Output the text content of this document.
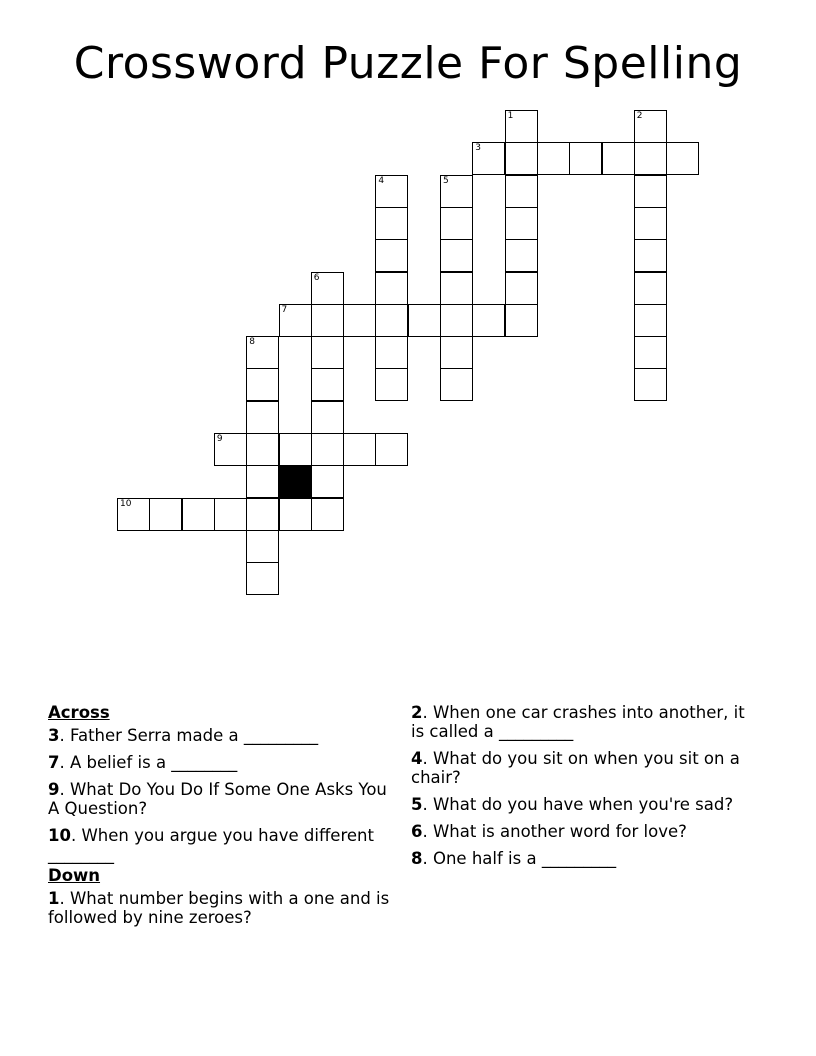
Crossword Puzzle For Spelling
1	2
3
4	5
6
7
8
9
10
Across
3. Father Serra made a _________
7. A belief is a ________
9. What Do You Do If Some One Asks You A Question?
10. When you argue you have different ________
Down
1. What number begins with a one and is followed by nine zeroes?
2. When one car crashes into another, it is called a _________
4. What do you sit on when you sit on a chair?
5. What do you have when you're sad?
6. What is another word for love?
8. One half is a _________
